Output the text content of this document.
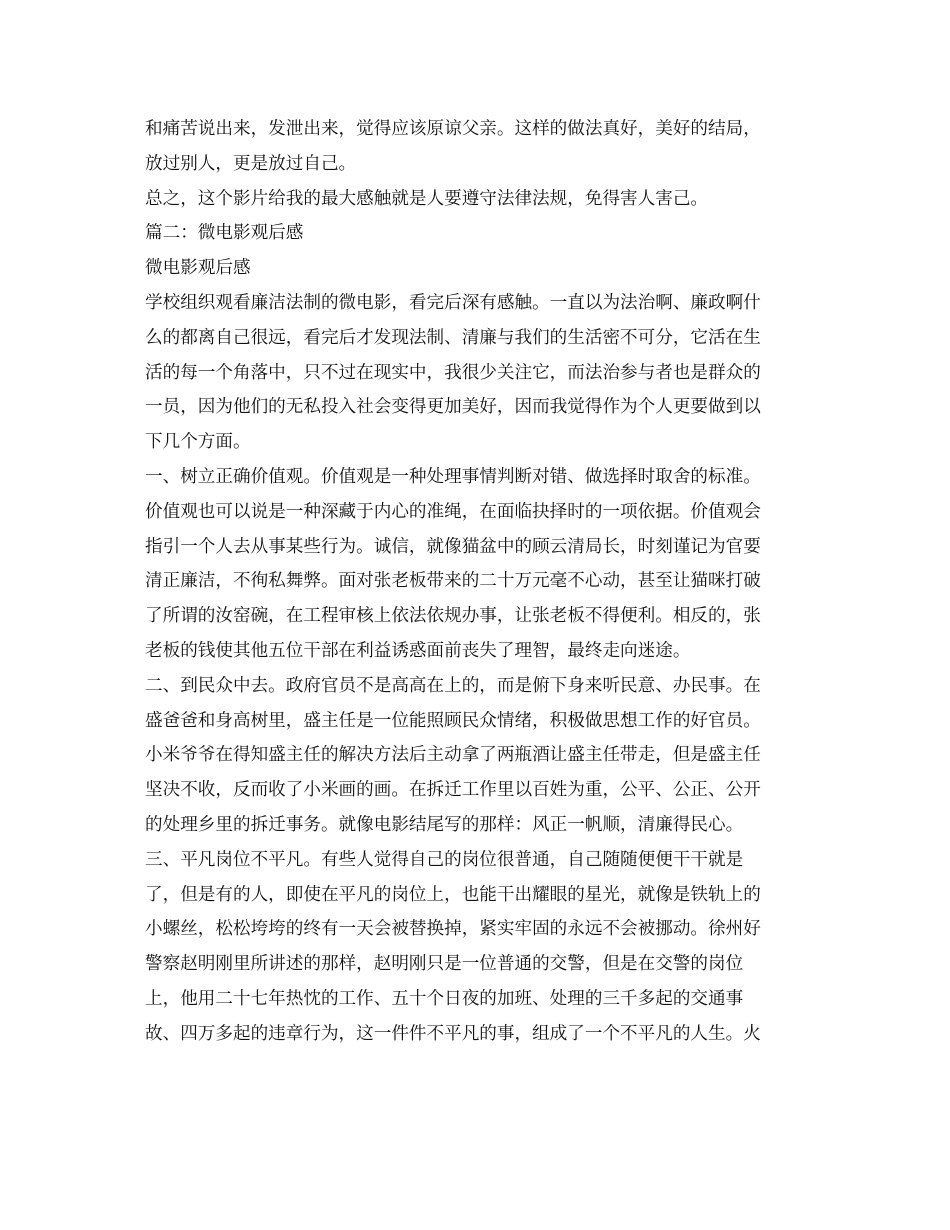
和痛苦说出来，发泄出来，觉得应该原谅父亲。这样的做法真好，美好的结局，
放过别人，更是放过自己。
总之，这个影片给我的最大感触就是人要遵守法律法规，免得害人害己。
篇二：微电影观后感
微电影观后感
学校组织观看廉洁法制的微电影，看完后深有感触。一直以为法治啊、廉政啊什
么的都离自己很远，看完后才发现法制、清廉与我们的生活密不可分，它活在生
活的每一个角落中，只不过在现实中，我很少关注它，而法治参与者也是群众的
一员，因为他们的无私投入社会变得更加美好，因而我觉得作为个人更要做到以
下几个方面。
一、树立正确价值观。价值观是一种处理事情判断对错、做选择时取舍的标准。
价值观也可以说是一种深藏于内心的准绳，在面临抉择时的一项依据。价值观会
指引一个人去从事某些行为。诚信，就像猫盆中的顾云清局长，时刻谨记为官要
清正廉洁，不徇私舞弊。面对张老板带来的二十万元毫不心动，甚至让猫咪打破
了所谓的汝窑碗，在工程审核上依法依规办事，让张老板不得便利。相反的，张
老板的钱使其他五位干部在利益诱惑面前丧失了理智，最终走向迷途。
二、到民众中去。政府官员不是高高在上的，而是俯下身来听民意、办民事。在
盛爸爸和身高树里，盛主任是一位能照顾民众情绪，积极做思想工作的好官员。
小米爷爷在得知盛主任的解决方法后主动拿了两瓶酒让盛主任带走，但是盛主任
坚决不收，反而收了小米画的画。在拆迁工作里以百姓为重，公平、公正、公开
的处理乡里的拆迁事务。就像电影结尾写的那样：风正一帆顺，清廉得民心。
三、平凡岗位不平凡。有些人觉得自己的岗位很普通，自己随随便便干干就是
了，但是有的人，即使在平凡的岗位上，也能干出耀眼的星光，就像是铁轨上的
小螺丝，松松垮垮的终有一天会被替换掉，紧实牢固的永远不会被挪动。徐州好
警察赵明刚里所讲述的那样，赵明刚只是一位普通的交警，但是在交警的岗位
上，他用二十七年热忱的工作、五十个日夜的加班、处理的三千多起的交通事
故、四万多起的违章行为，这一件件不平凡的事，组成了一个不平凡的人生。火
